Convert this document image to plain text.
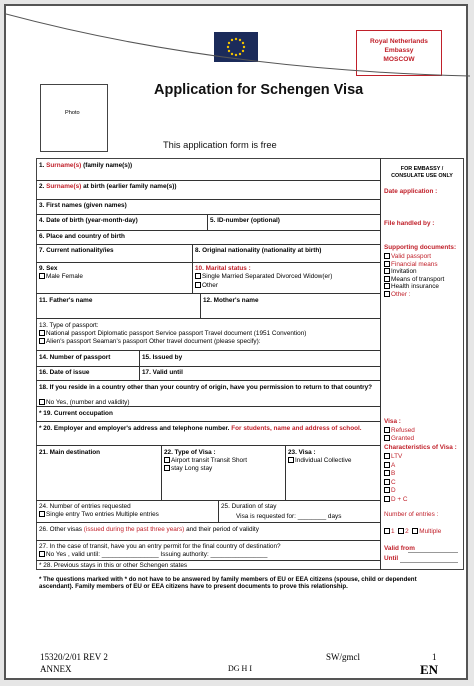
Royal Netherlands
Embassy
MOSCOW
Photo
Application for Schengen Visa
This application form is free
1. Surname(s) (family name(s))
2. Surname(s) at birth (earlier family name(s))
3. First names (given names)
4. Date of birth (year-month-day)	5. ID-number (optional)
6. Place and country of birth
7. Current nationality/ies	8. Original nationality (nationality at birth)
9. Sex
Male Female
10. Marital status :
Single Married Separated Divorced Widow(er)
Other
11. Father's name	12. Mother's name
13. Type of passport:
National passport Diplomatic passport Service passport Travel document (1951 Convention)
Alien's passport Seaman's passport Other travel document (please specify):
14. Number of passport	15. Issued by
16. Date of issue	17. Valid until
18. If you reside in a country other than your country of origin, have you permission to return to that country?
No Yes, (number and validity)
* 19. Current occupation
* 20. Employer and employer's address and telephone number. For students, name and address of school.
21. Main destination	22. Type of Visa :
Airport transit Transit Short
stay Long stay
23. Visa :
Individual Collective
24. Number of entries requested
Single entry Two entries Multiple entries
25. Duration of stay
Visa is requested for: ________ days
26. Other visas (issued during the past three years) and their period of validity
27. In the case of transit, have you an entry permit for the final country of destination?
No Yes , valid until: ________________ Issuing authority: ________________
* 28. Previous stays in this or other Schengen states
FOR EMBASSY / CONSULATE USE ONLY
Date application :
File handled by :
Supporting documents:
Valid passport
Financial means
Invitation
Means of transport
Health insurance
Other :
Visa :
Refused
Granted
Characteristics of Visa :
LTV
A
B
C
D
D + C
Number of entries :
1 2 Multiple
Valid from
Until
* The questions marked with * do not have to be answered by family members of EU or EEA citizens (spouse, child or dependent ascendant). Family members of EU or EEA citizens have to present documents to prove this relationship.
15320/2/01 REV 2
ANNEX	DG H I
SW/gmcl	1
EN
